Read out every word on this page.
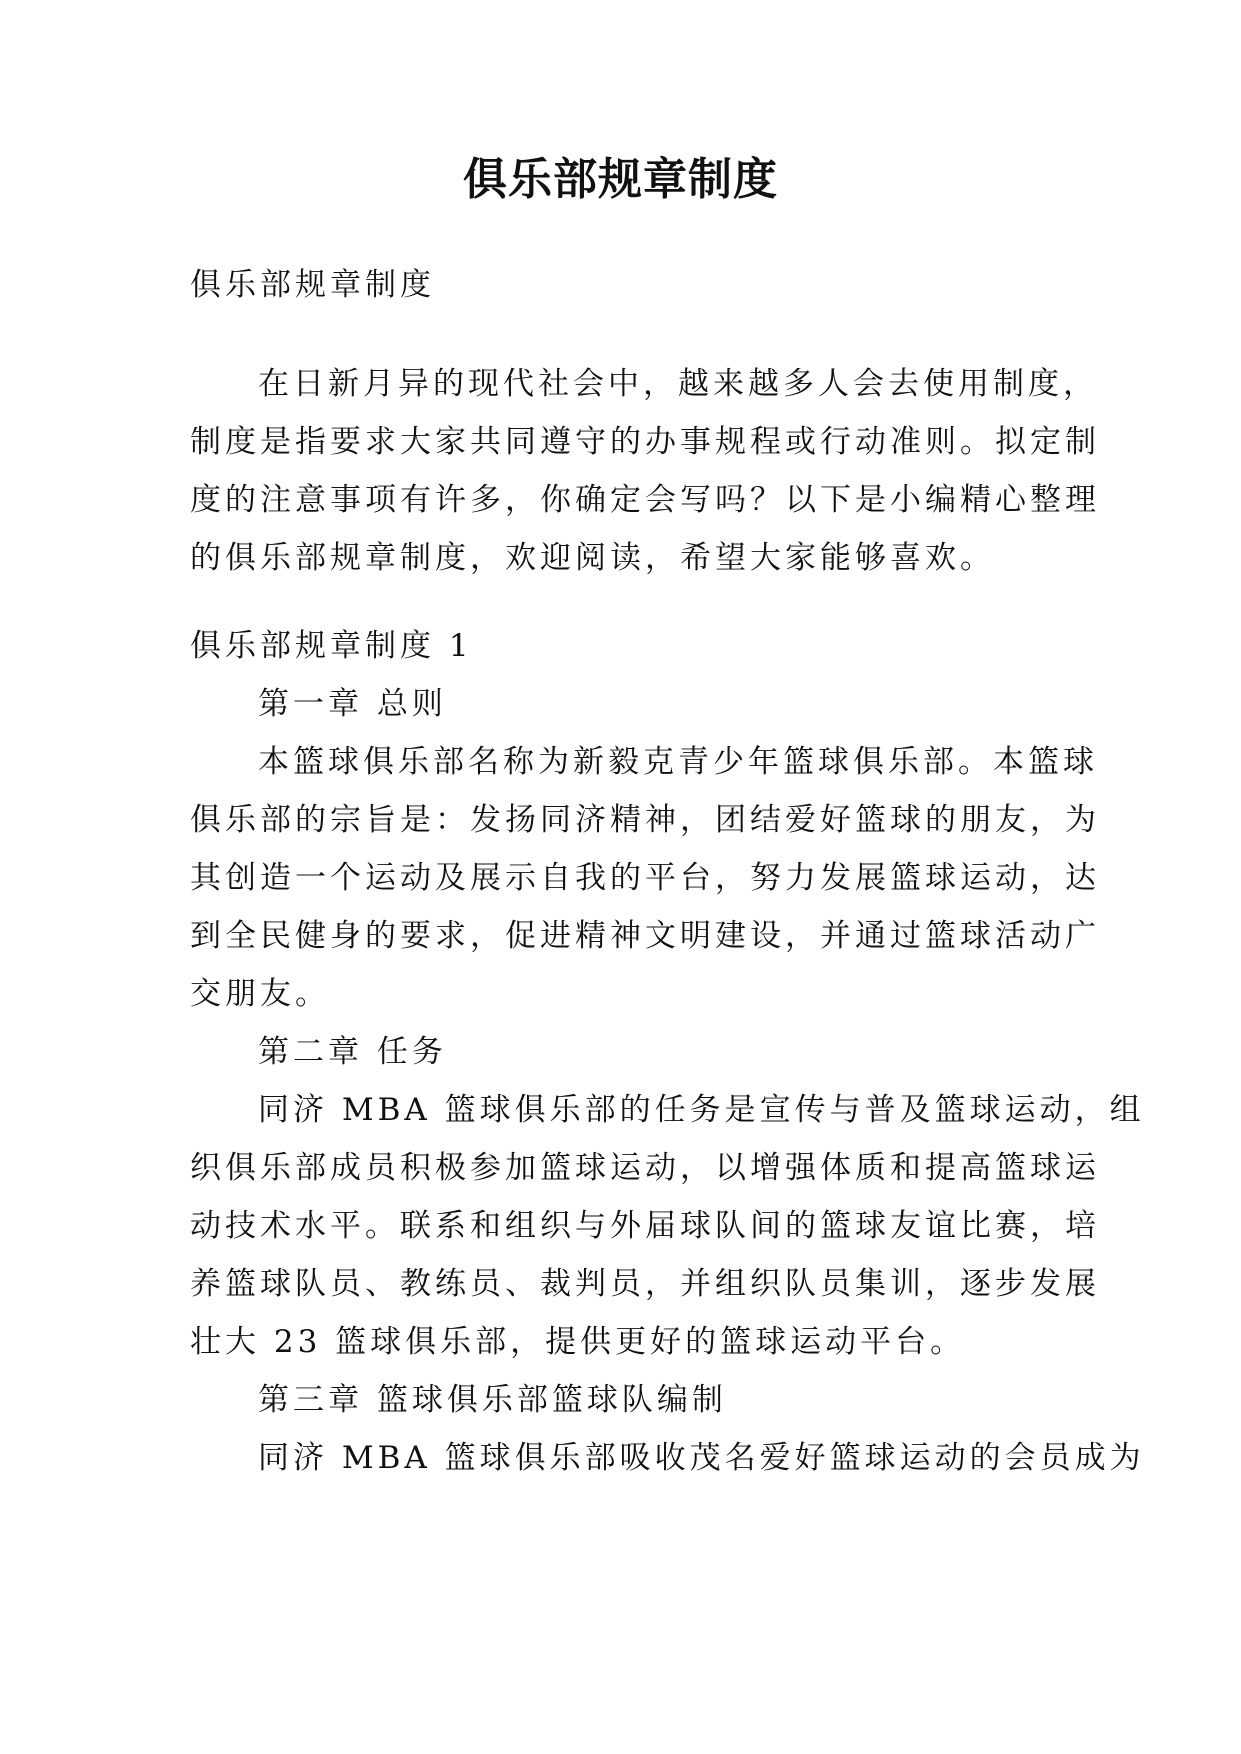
俱乐部规章制度
俱乐部规章制度
在日新月异的现代社会中，越来越多人会去使用制度，
制度是指要求大家共同遵守的办事规程或行动准则。拟定制
度的注意事项有许多，你确定会写吗？以下是小编精心整理
的俱乐部规章制度，欢迎阅读，希望大家能够喜欢。
俱乐部规章制度 1
第一章 总则
本篮球俱乐部名称为新毅克青少年篮球俱乐部。本篮球
俱乐部的宗旨是：发扬同济精神，团结爱好篮球的朋友，为
其创造一个运动及展示自我的平台，努力发展篮球运动，达
到全民健身的要求，促进精神文明建设，并通过篮球活动广
交朋友。
第二章 任务
同济 MBA 篮球俱乐部的任务是宣传与普及篮球运动，组
织俱乐部成员积极参加篮球运动，以增强体质和提高篮球运
动技术水平。联系和组织与外届球队间的篮球友谊比赛，培
养篮球队员、教练员、裁判员，并组织队员集训，逐步发展
壮大 23 篮球俱乐部，提供更好的篮球运动平台。
第三章 篮球俱乐部篮球队编制
同济 MBA 篮球俱乐部吸收茂名爱好篮球运动的会员成为
